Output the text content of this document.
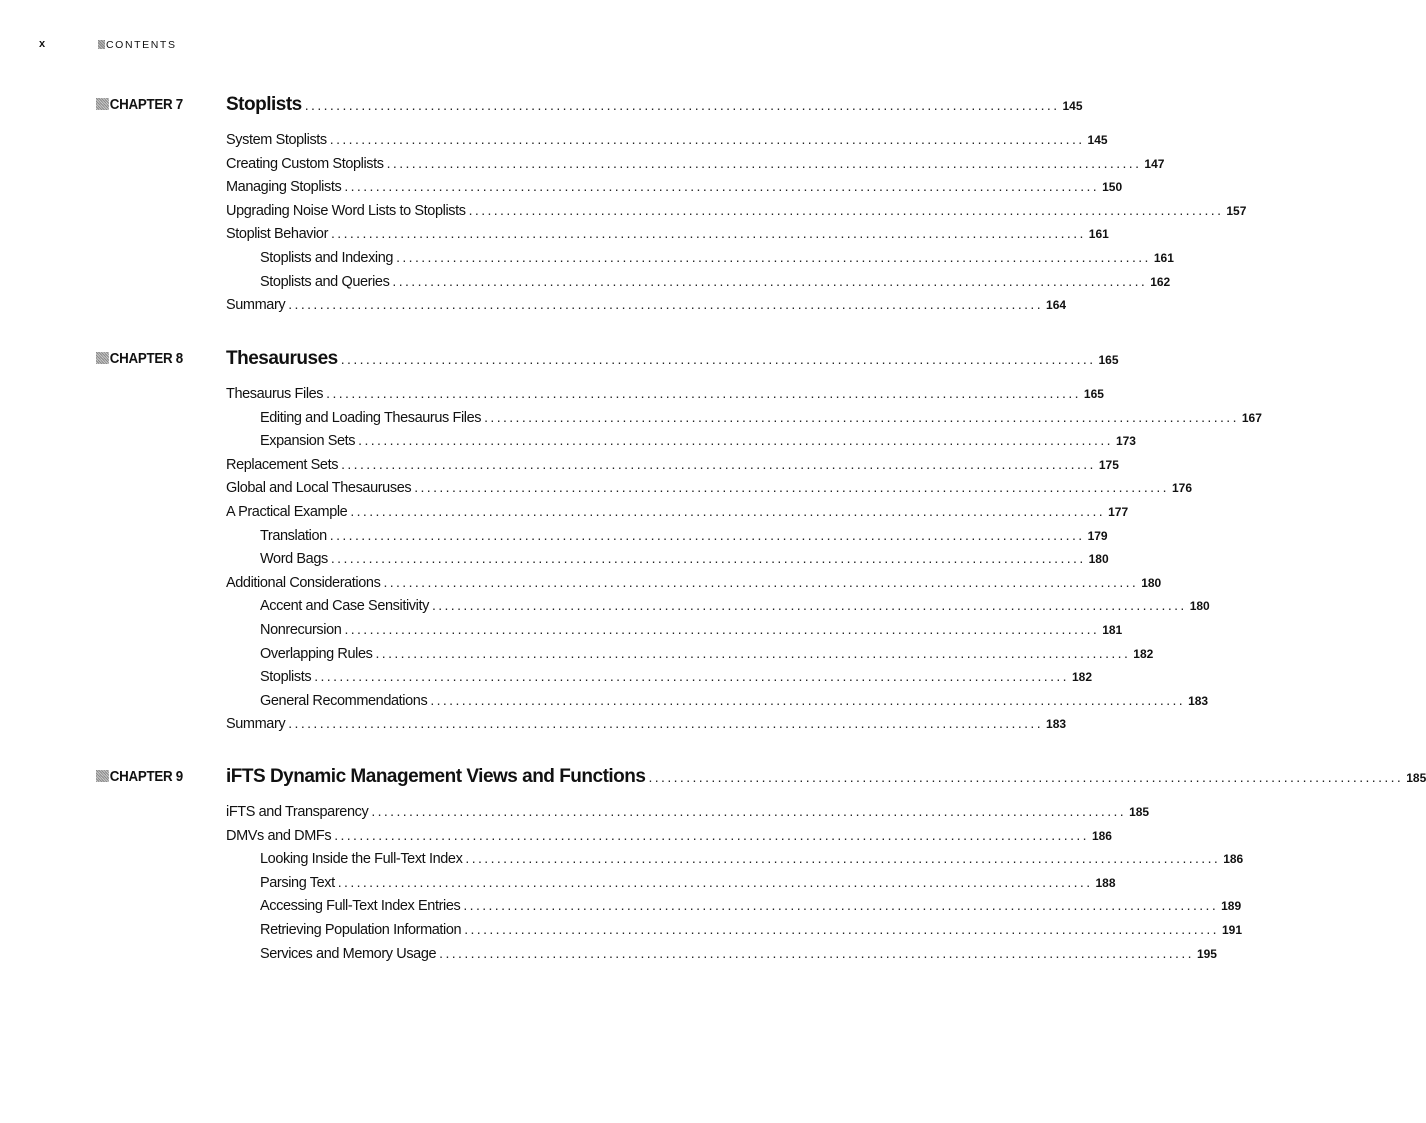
x	CONTENTS
CHAPTER 7 Stoplists ........................................................................................................................ 145
System Stoplists ........................................................................................................................ 145
Creating Custom Stoplists ........................................................................................................................ 147
Managing Stoplists ........................................................................................................................ 150
Upgrading Noise Word Lists to Stoplists ........................................................................................................................ 157
Stoplist Behavior ........................................................................................................................ 161
Stoplists and Indexing ........................................................................................................................ 161
Stoplists and Queries ........................................................................................................................ 162
Summary ........................................................................................................................ 164
CHAPTER 8 Thesauruses ........................................................................................................................ 165
Thesaurus Files ........................................................................................................................ 165
Editing and Loading Thesaurus Files ........................................................................................................................ 167
Expansion Sets ........................................................................................................................ 173
Replacement Sets ........................................................................................................................ 175
Global and Local Thesauruses ........................................................................................................................ 176
A Practical Example ........................................................................................................................ 177
Translation ........................................................................................................................ 179
Word Bags ........................................................................................................................ 180
Additional Considerations ........................................................................................................................ 180
Accent and Case Sensitivity ........................................................................................................................ 180
Nonrecursion ........................................................................................................................ 181
Overlapping Rules ........................................................................................................................ 182
Stoplists ........................................................................................................................ 182
General Recommendations ........................................................................................................................ 183
Summary ........................................................................................................................ 183
CHAPTER 9 iFTS Dynamic Management Views and Functions ........................................................................................................................ 185
iFTS and Transparency ........................................................................................................................ 185
DMVs and DMFs ........................................................................................................................ 186
Looking Inside the Full-Text Index ........................................................................................................................ 186
Parsing Text ........................................................................................................................ 188
Accessing Full-Text Index Entries ........................................................................................................................ 189
Retrieving Population Information ........................................................................................................................ 191
Services and Memory Usage ........................................................................................................................ 195
